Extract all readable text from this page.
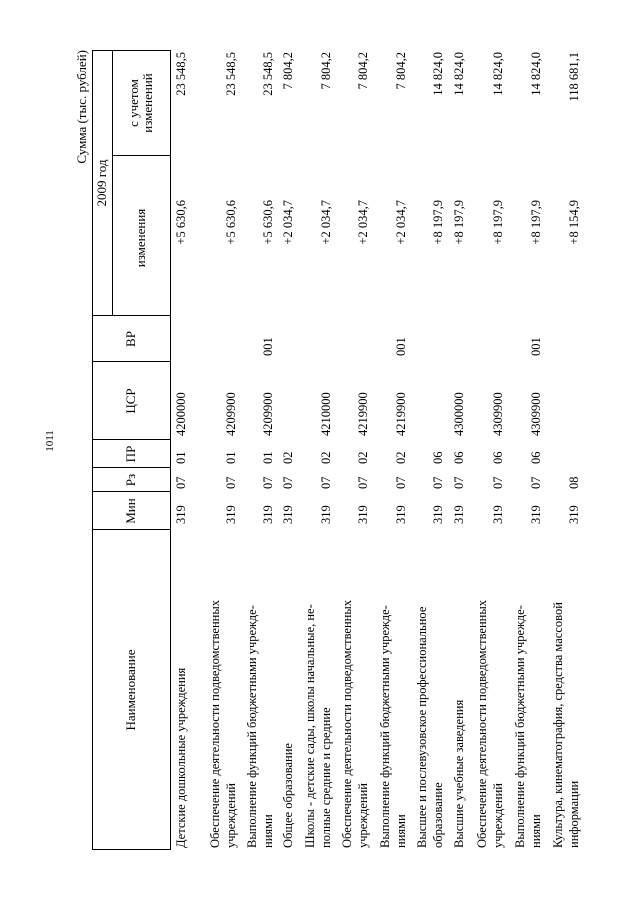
1011
Сумма (тыс. рублей)
Наименование
Мин
Рз
ПР
ЦСР
ВР
2009 год
изменения
с учетом изменений
Детские дошкольные учреждения
319
07
01
4200000
+5 630,6
23 548,5
Обеспечение деятельности подведомственных учреждений
319
07
01
4209900
+5 630,6
23 548,5
Выполнение функций бюджетными учрежде- ниями
319
07
01
4209900
001
+5 630,6
23 548,5
Общее образование
319
07
02
+2 034,7
7 804,2
Школы - детские сады, школы начальные, не- полные средние и средние
319
07
02
4210000
+2 034,7
7 804,2
Обеспечение деятельности подведомственных учреждений
319
07
02
4219900
+2 034,7
7 804,2
Выполнение функций бюджетными учрежде- ниями
319
07
02
4219900
001
+2 034,7
7 804,2
Высшее и послевузовское профессиональное образование
319
07
06
+8 197,9
14 824,0
Высшие учебные заведения
319
07
06
4300000
+8 197,9
14 824,0
Обеспечение деятельности подведомственных учреждений
319
07
06
4309900
+8 197,9
14 824,0
Выполнение функций бюджетными учрежде- ниями
319
07
06
4309900
001
+8 197,9
14 824,0
Культура, кинематография, средства массовой информации
319
08
+8 154,9
118 681,1
